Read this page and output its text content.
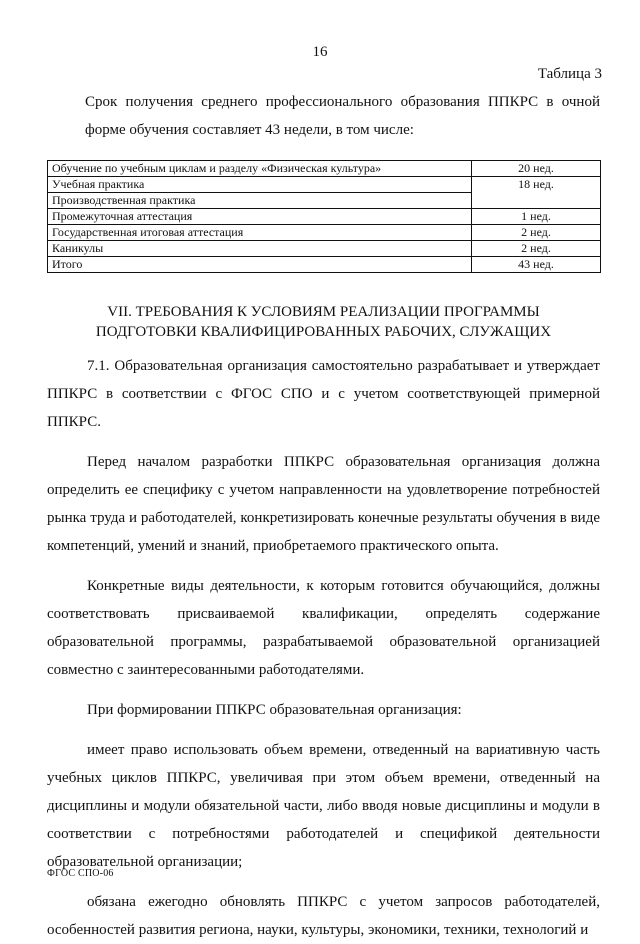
16
Таблица 3
Срок получения среднего профессионального образования ППКРС в очной форме обучения составляет 43 недели, в том числе:
Обучение по учебным циклам и разделу «Физическая культура»	20 нед.
Учебная практика	18 нед.
Производственная практика	
Промежуточная аттестация	1 нед.
Государственная итоговая аттестация	2 нед.
Каникулы	2 нед.
Итого	43 нед.
VII. ТРЕБОВАНИЯ К УСЛОВИЯМ РЕАЛИЗАЦИИ ПРОГРАММЫ
ПОДГОТОВКИ КВАЛИФИЦИРОВАННЫХ РАБОЧИХ, СЛУЖАЩИХ

7.1. Образовательная организация самостоятельно разрабатывает и утверждает ППКРС в соответствии с ФГОС СПО и с учетом соответствующей примерной ППКРС.

Перед началом разработки ППКРС образовательная организация должна определить ее специфику с учетом направленности на удовлетворение потребностей рынка труда и работодателей, конкретизировать конечные результаты обучения в виде компетенций, умений и знаний, приобретаемого практического опыта.

Конкретные виды деятельности, к которым готовится обучающийся, должны соответствовать присваиваемой квалификации, определять содержание образовательной программы, разрабатываемой образовательной организацией совместно с заинтересованными работодателями.

При формировании ППКРС образовательная организация:

имеет право использовать объем времени, отведенный на вариативную часть учебных циклов ППКРС, увеличивая при этом объем времени, отведенный на дисциплины и модули обязательной части, либо вводя новые дисциплины и модули в соответствии с потребностями работодателей и спецификой деятельности образовательной организации;

обязана ежегодно обновлять ППКРС с учетом запросов работодателей, особенностей развития региона, науки, культуры, экономики, техники, технологий и

ФГОС СПО-06
